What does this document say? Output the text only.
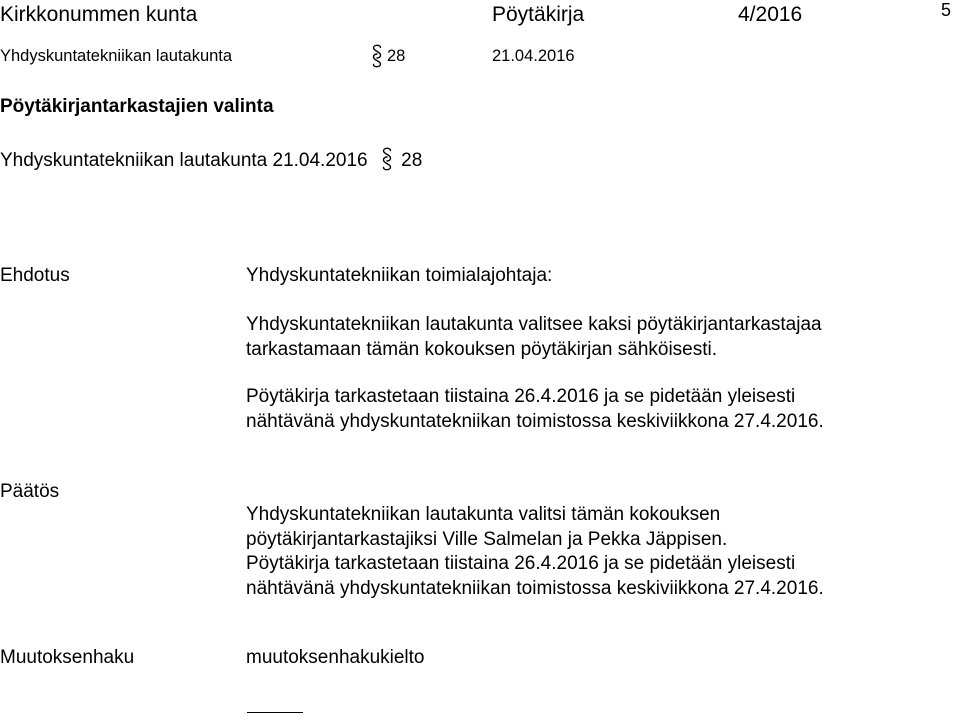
Kirkkonummen kunta	Pöytäkirja	4/2016	5
Yhdyskuntatekniikan lautakunta	28	21.04.2016
Pöytäkirjantarkastajien valinta
Yhdyskuntatekniikan lautakunta 21.04.2016 28
Ehdotus	Yhdyskuntatekniikan toimialajohtaja:
Yhdyskuntatekniikan lautakunta valitsee kaksi pöytäkirjantarkastajaa
tarkastamaan tämän kokouksen pöytäkirjan sähköisesti.
Pöytäkirja tarkastetaan tiistaina 26.4.2016 ja se pidetään yleisesti
nähtävänä yhdyskuntatekniikan toimistossa keskiviikkona 27.4.2016.
Päätös
Yhdyskuntatekniikan lautakunta valitsi tämän kokouksen
pöytäkirjantarkastajiksi Ville Salmelan ja Pekka Jäppisen.
Pöytäkirja tarkastetaan tiistaina 26.4.2016 ja se pidetään yleisesti
nähtävänä yhdyskuntatekniikan toimistossa keskiviikkona 27.4.2016.
Muutoksenhaku	muutoksenhakukielto
